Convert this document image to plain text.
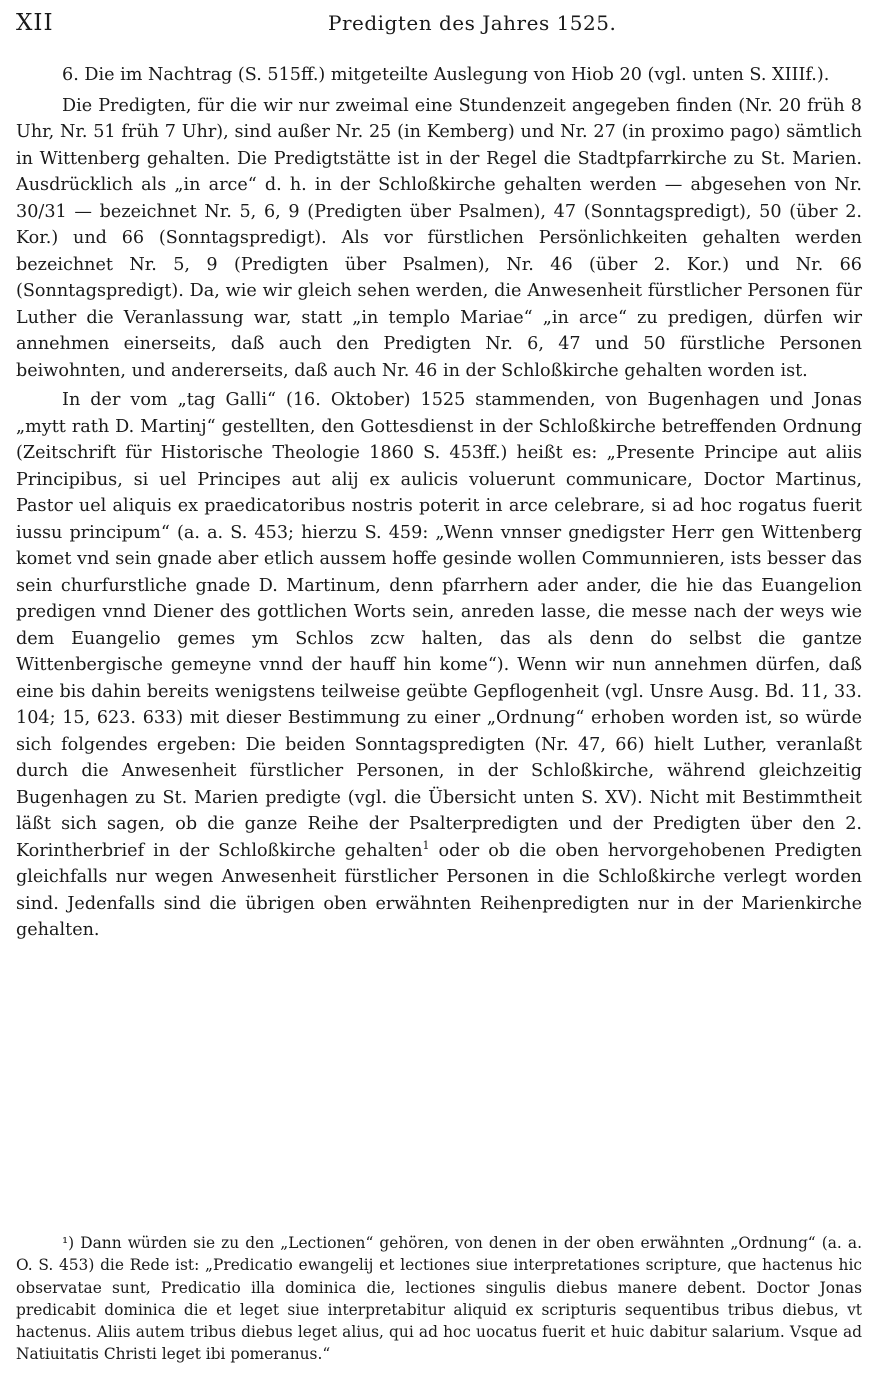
XII	Predigten des Jahres 1525.

6. Die im Nachtrag (S. 515ff.) mitgeteilte Auslegung von Hiob 20 (vgl. unten S. XIIIf.).

Die Predigten, für die wir nur zweimal eine Stundenzeit angegeben finden (Nr. 20 früh 8 Uhr, Nr. 51 früh 7 Uhr), sind außer Nr. 25 (in Kemberg) und Nr. 27 (in proximo pago) sämtlich in Wittenberg gehalten. Die Predigtstätte ist in der Regel die Stadtpfarrkirche zu St. Marien. Ausdrücklich als „in arce“ d. h. in der Schloßkirche gehalten werden — abgesehen von Nr. 30/31 — bezeichnet Nr. 5, 6, 9 (Predigten über Psalmen), 47 (Sonntagspredigt), 50 (über 2. Kor.) und 66 (Sonntagspredigt). Als vor fürstlichen Persönlichkeiten gehalten werden bezeichnet Nr. 5, 9 (Predigten über Psalmen), Nr. 46 (über 2. Kor.) und Nr. 66 (Sonntagspredigt). Da, wie wir gleich sehen werden, die Anwesenheit fürstlicher Personen für Luther die Veranlassung war, statt „in templo Mariae“ „in arce“ zu predigen, dürfen wir annehmen einerseits, daß auch den Predigten Nr. 6, 47 und 50 fürstliche Personen beiwohnten, und andererseits, daß auch Nr. 46 in der Schloßkirche gehalten worden ist.

In der vom „tag Galli“ (16. Oktober) 1525 stammenden, von Bugenhagen und Jonas „mytt rath D. Martinj“ gestellten, den Gottesdienst in der Schloßkirche betreffenden Ordnung (Zeitschrift für Historische Theologie 1860 S. 453ff.) heißt es: „Presente Principe aut aliis Principibus, si uel Principes aut alij ex aulicis voluerunt communicare, Doctor Martinus, Pastor uel aliquis ex praedicatoribus nostris poterit in arce celebrare, si ad hoc rogatus fuerit iussu principum“ (a. a. S. 453; hierzu S. 459: „Wenn vnnser gnedigster Herr gen Wittenberg komet vnd sein gnade aber etlich aussem hoffe gesinde wollen Communnieren, ists besser das sein churfurstliche gnade D. Martinum, denn pfarrhern ader ander, die hie das Euangelion predigen vnnd Diener des gottlichen Worts sein, anreden lasse, die messe nach der weys wie dem Euangelio gemes ym Schlos zcw halten, das als denn do selbst die gantze Wittenbergische gemeyne vnnd der hauff hin kome“). Wenn wir nun annehmen dürfen, daß eine bis dahin bereits wenigstens teilweise geübte Gepflogenheit (vgl. Unsre Ausg. Bd. 11, 33. 104; 15, 623. 633) mit dieser Bestimmung zu einer „Ordnung“ erhoben worden ist, so würde sich folgendes ergeben: Die beiden Sonntagspredigten (Nr. 47, 66) hielt Luther, veranlaßt durch die Anwesenheit fürstlicher Personen, in der Schloßkirche, während gleichzeitig Bugenhagen zu St. Marien predigte (vgl. die Übersicht unten S. XV). Nicht mit Bestimmtheit läßt sich sagen, ob die ganze Reihe der Psalterpredigten und der Predigten über den 2. Korintherbrief in der Schloßkirche gehalten$^1$ oder ob die oben hervorgehobenen Predigten gleichfalls nur wegen Anwesenheit fürstlicher Personen in die Schloßkirche verlegt worden sind. Jedenfalls sind die übrigen oben erwähnten Reihenpredigten nur in der Marienkirche gehalten.

¹) Dann würden sie zu den „Lectionen“ gehören, von denen in der oben erwähnten „Ordnung“ (a. a. O. S. 453) die Rede ist: „Predicatio ewangelij et lectiones siue interpretationes scripture, que hactenus hic observatae sunt, Predicatio illa dominica die, lectiones singulis diebus manere debent. Doctor Jonas predicabit dominica die et leget siue interpretabitur aliquid ex scripturis sequentibus tribus diebus, vt hactenus. Aliis autem tribus diebus leget alius, qui ad hoc uocatus fuerit et huic dabitur salarium. Vsque ad Natiuitatis Christi leget ibi pomeranus.“
